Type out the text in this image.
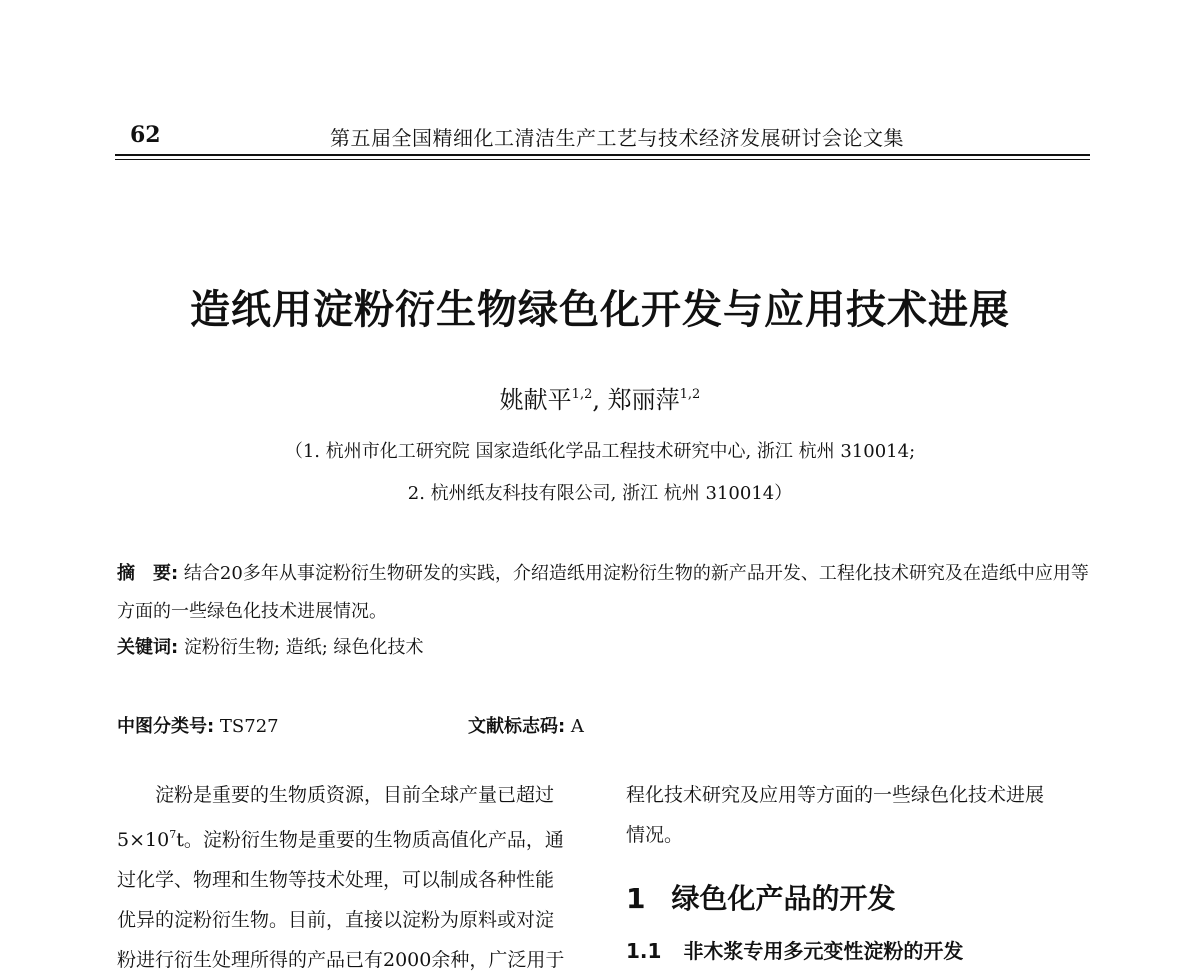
62	第五届全国精细化工清洁生产工艺与技术经济发展研讨会论文集
造纸用淀粉衍生物绿色化开发与应用技术进展
姚献平$^{1,2}$, 郑丽萍$^{1,2}$
（1. 杭州市化工研究院 国家造纸化学品工程技术研究中心, 浙江 杭州 310014;
2. 杭州纸友科技有限公司, 浙江 杭州 310014）
摘　要: 结合20多年从事淀粉衍生物研发的实践，介绍造纸用淀粉衍生物的新产品开发、工程化技术研究及在造纸中应用等方面的一些绿色化技术进展情况。
关键词: 淀粉衍生物; 造纸; 绿色化技术
中图分类号: TS727	文献标志码: A
淀粉是重要的生物质资源，目前全球产量已超过
$5\times 10^7t$。淀粉衍生物是重要的生物质高值化产品，通
过化学、物理和生物等技术处理，可以制成各种性能
优异的淀粉衍生物。目前，直接以淀粉为原料或对淀
粉进行衍生处理所得的产品已有2000余种，广泛用于
程化技术研究及应用等方面的一些绿色化技术进展
情况。
1 绿色化产品的开发
1.1 非木浆专用多元变性淀粉的开发
